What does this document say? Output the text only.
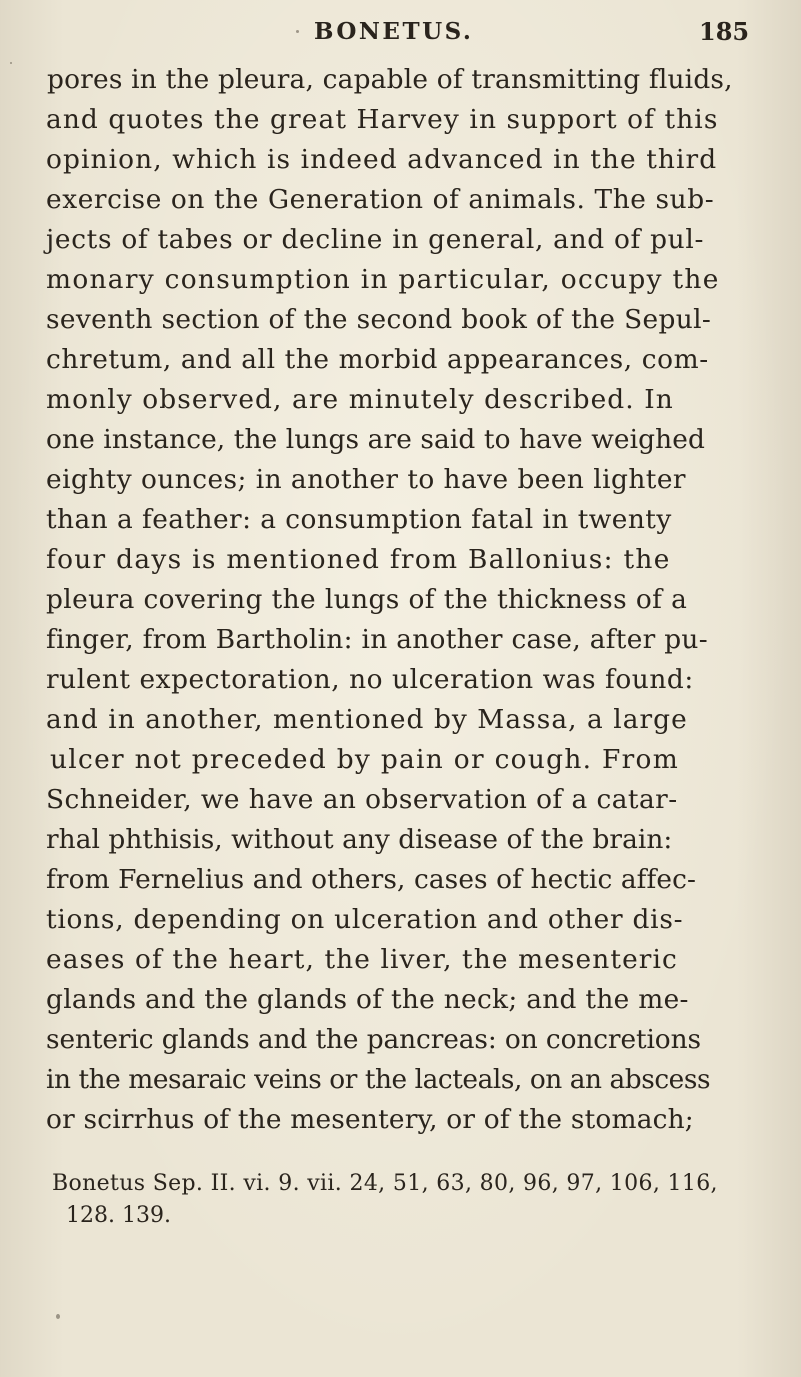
BONETUS.	185
pores in the pleura, capable of transmitting fluids,
and quotes the great Harvey in support of this
opinion, which is indeed advanced in the third
exercise on the Generation of animals. The sub-
jects of tabes or decline in general, and of pul-
monary consumption in particular, occupy the
seventh section of the second book of the Sepul-
chretum, and all the morbid appearances, com-
monly observed, are minutely described. In
one instance, the lungs are said to have weighed
eighty ounces; in another to have been lighter
than a feather: a consumption fatal in twenty
four days is mentioned from Ballonius: the
pleura covering the lungs of the thickness of a
finger, from Bartholin: in another case, after pu-
rulent expectoration, no ulceration was found:
and in another, mentioned by Massa, a large
ulcer not preceded by pain or cough. From
Schneider, we have an observation of a catar-
rhal phthisis, without any disease of the brain:
from Fernelius and others, cases of hectic affec-
tions, depending on ulceration and other dis-
eases of the heart, the liver, the mesenteric
glands and the glands of the neck; and the me-
senteric glands and the pancreas: on concretions
in the mesaraic veins or the lacteals, on an abscess
or scirrhus of the mesentery, or of the stomach;
Bonetus Sep. II. vi. 9. vii. 24, 51, 63, 80, 96, 97, 106, 116,
128. 139.
